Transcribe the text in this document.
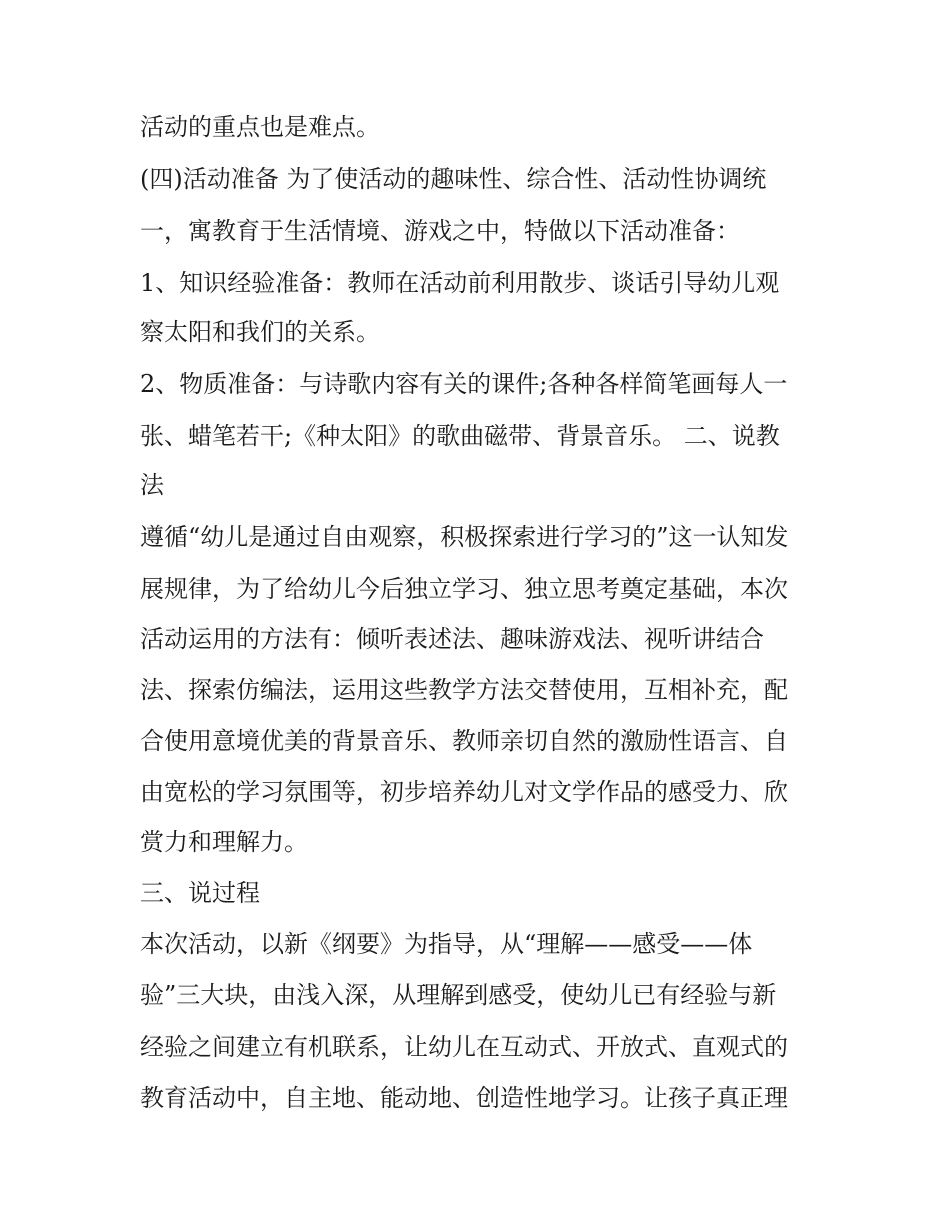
活动的重点也是难点。
(四)活动准备 为了使活动的趣味性、综合性、活动性协调统
一，寓教育于生活情境、游戏之中，特做以下活动准备：
1、知识经验准备：教师在活动前利用散步、谈话引导幼儿观
察太阳和我们的关系。
2、物质准备：与诗歌内容有关的课件;各种各样简笔画每人一
张、蜡笔若干;《种太阳》的歌曲磁带、背景音乐。 二、说教
法
遵循“幼儿是通过自由观察，积极探索进行学习的”这一认知发
展规律，为了给幼儿今后独立学习、独立思考奠定基础，本次
活动运用的方法有：倾听表述法、趣味游戏法、视听讲结合
法、探索仿编法，运用这些教学方法交替使用，互相补充，配
合使用意境优美的背景音乐、教师亲切自然的激励性语言、自
由宽松的学习氛围等，初步培养幼儿对文学作品的感受力、欣
赏力和理解力。
三、说过程
本次活动，以新《纲要》为指导，从“理解——感受——体
验”三大块，由浅入深，从理解到感受，使幼儿已有经验与新
经验之间建立有机联系，让幼儿在互动式、开放式、直观式的
教育活动中，自主地、能动地、创造性地学习。让孩子真正理
